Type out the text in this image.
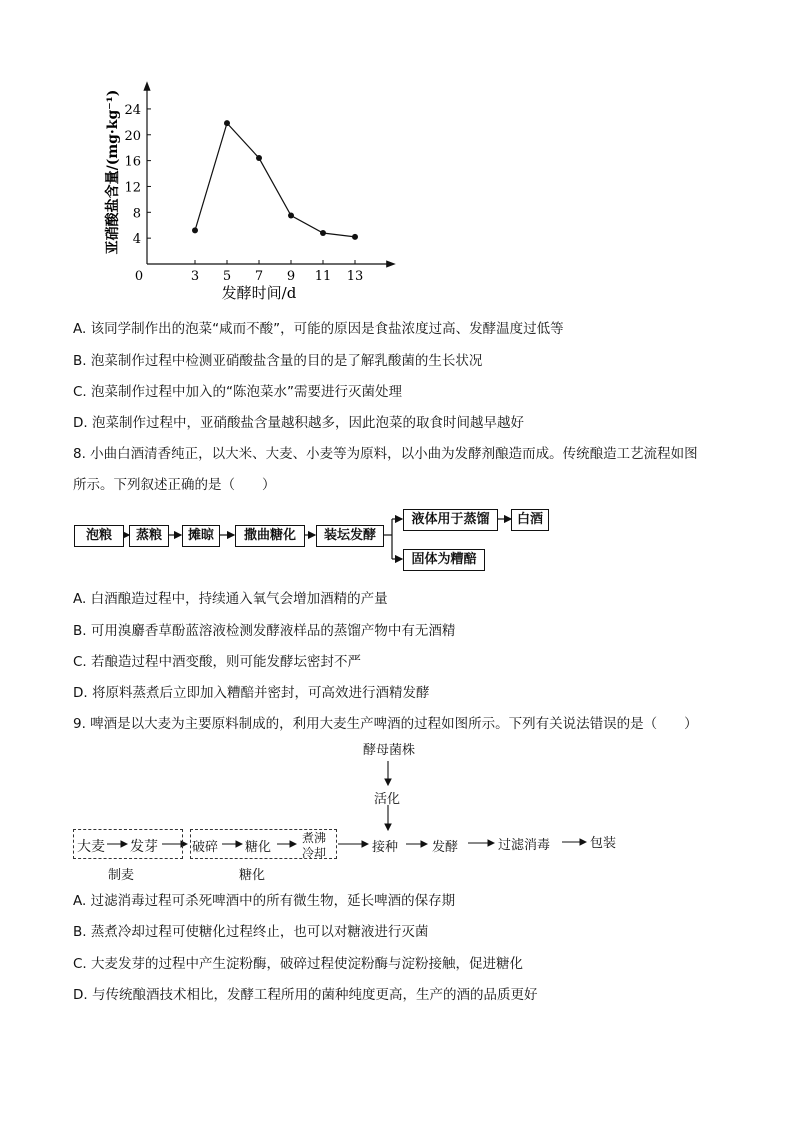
3 5 7 9 11 13
4
8
12
16
20
24
0
发酵时间/d
亚硝酸盐含量/(mg·kg⁻¹)
A. 该同学制作出的泡菜“咸而不酸”，可能的原因是食盐浓度过高、发酵温度过低等
B. 泡菜制作过程中检测亚硝酸盐含量的目的是了解乳酸菌的生长状况
C. 泡菜制作过程中加入的“陈泡菜水”需要进行灭菌处理
D. 泡菜制作过程中，亚硝酸盐含量越积越多，因此泡菜的取食时间越早越好
8. 小曲白酒清香纯正，以大米、大麦、小麦等为原料，以小曲为发酵剂酿造而成。传统酿造工艺流程如图
所示。下列叙述正确的是（　　）
泡粮	蒸粮	摊晾	撒曲糖化	装坛发酵
液体用于蒸馏	白酒
固体为糟醅
A. 白酒酿造过程中，持续通入氧气会增加酒精的产量
B. 可用溴麝香草酚蓝溶液检测发酵液样品的蒸馏产物中有无酒精
C. 若酿造过程中酒变酸，则可能发酵坛密封不严
D. 将原料蒸煮后立即加入糟醅并密封，可高效进行酒精发酵
9. 啤酒是以大麦为主要原料制成的，利用大麦生产啤酒的过程如图所示。下列有关说法错误的是（　　）
酵母菌株
活化
大麦 发芽	破碎 糖化
煮沸
冷却	接种	发酵	过滤消毒	包装
制麦	糖化
A. 过滤消毒过程可杀死啤酒中的所有微生物，延长啤酒的保存期
B. 蒸煮冷却过程可使糖化过程终止，也可以对糖液进行灭菌
C. 大麦发芽的过程中产生淀粉酶，破碎过程使淀粉酶与淀粉接触，促进糖化
D. 与传统酿酒技术相比，发酵工程所用的菌种纯度更高，生产的酒的品质更好
